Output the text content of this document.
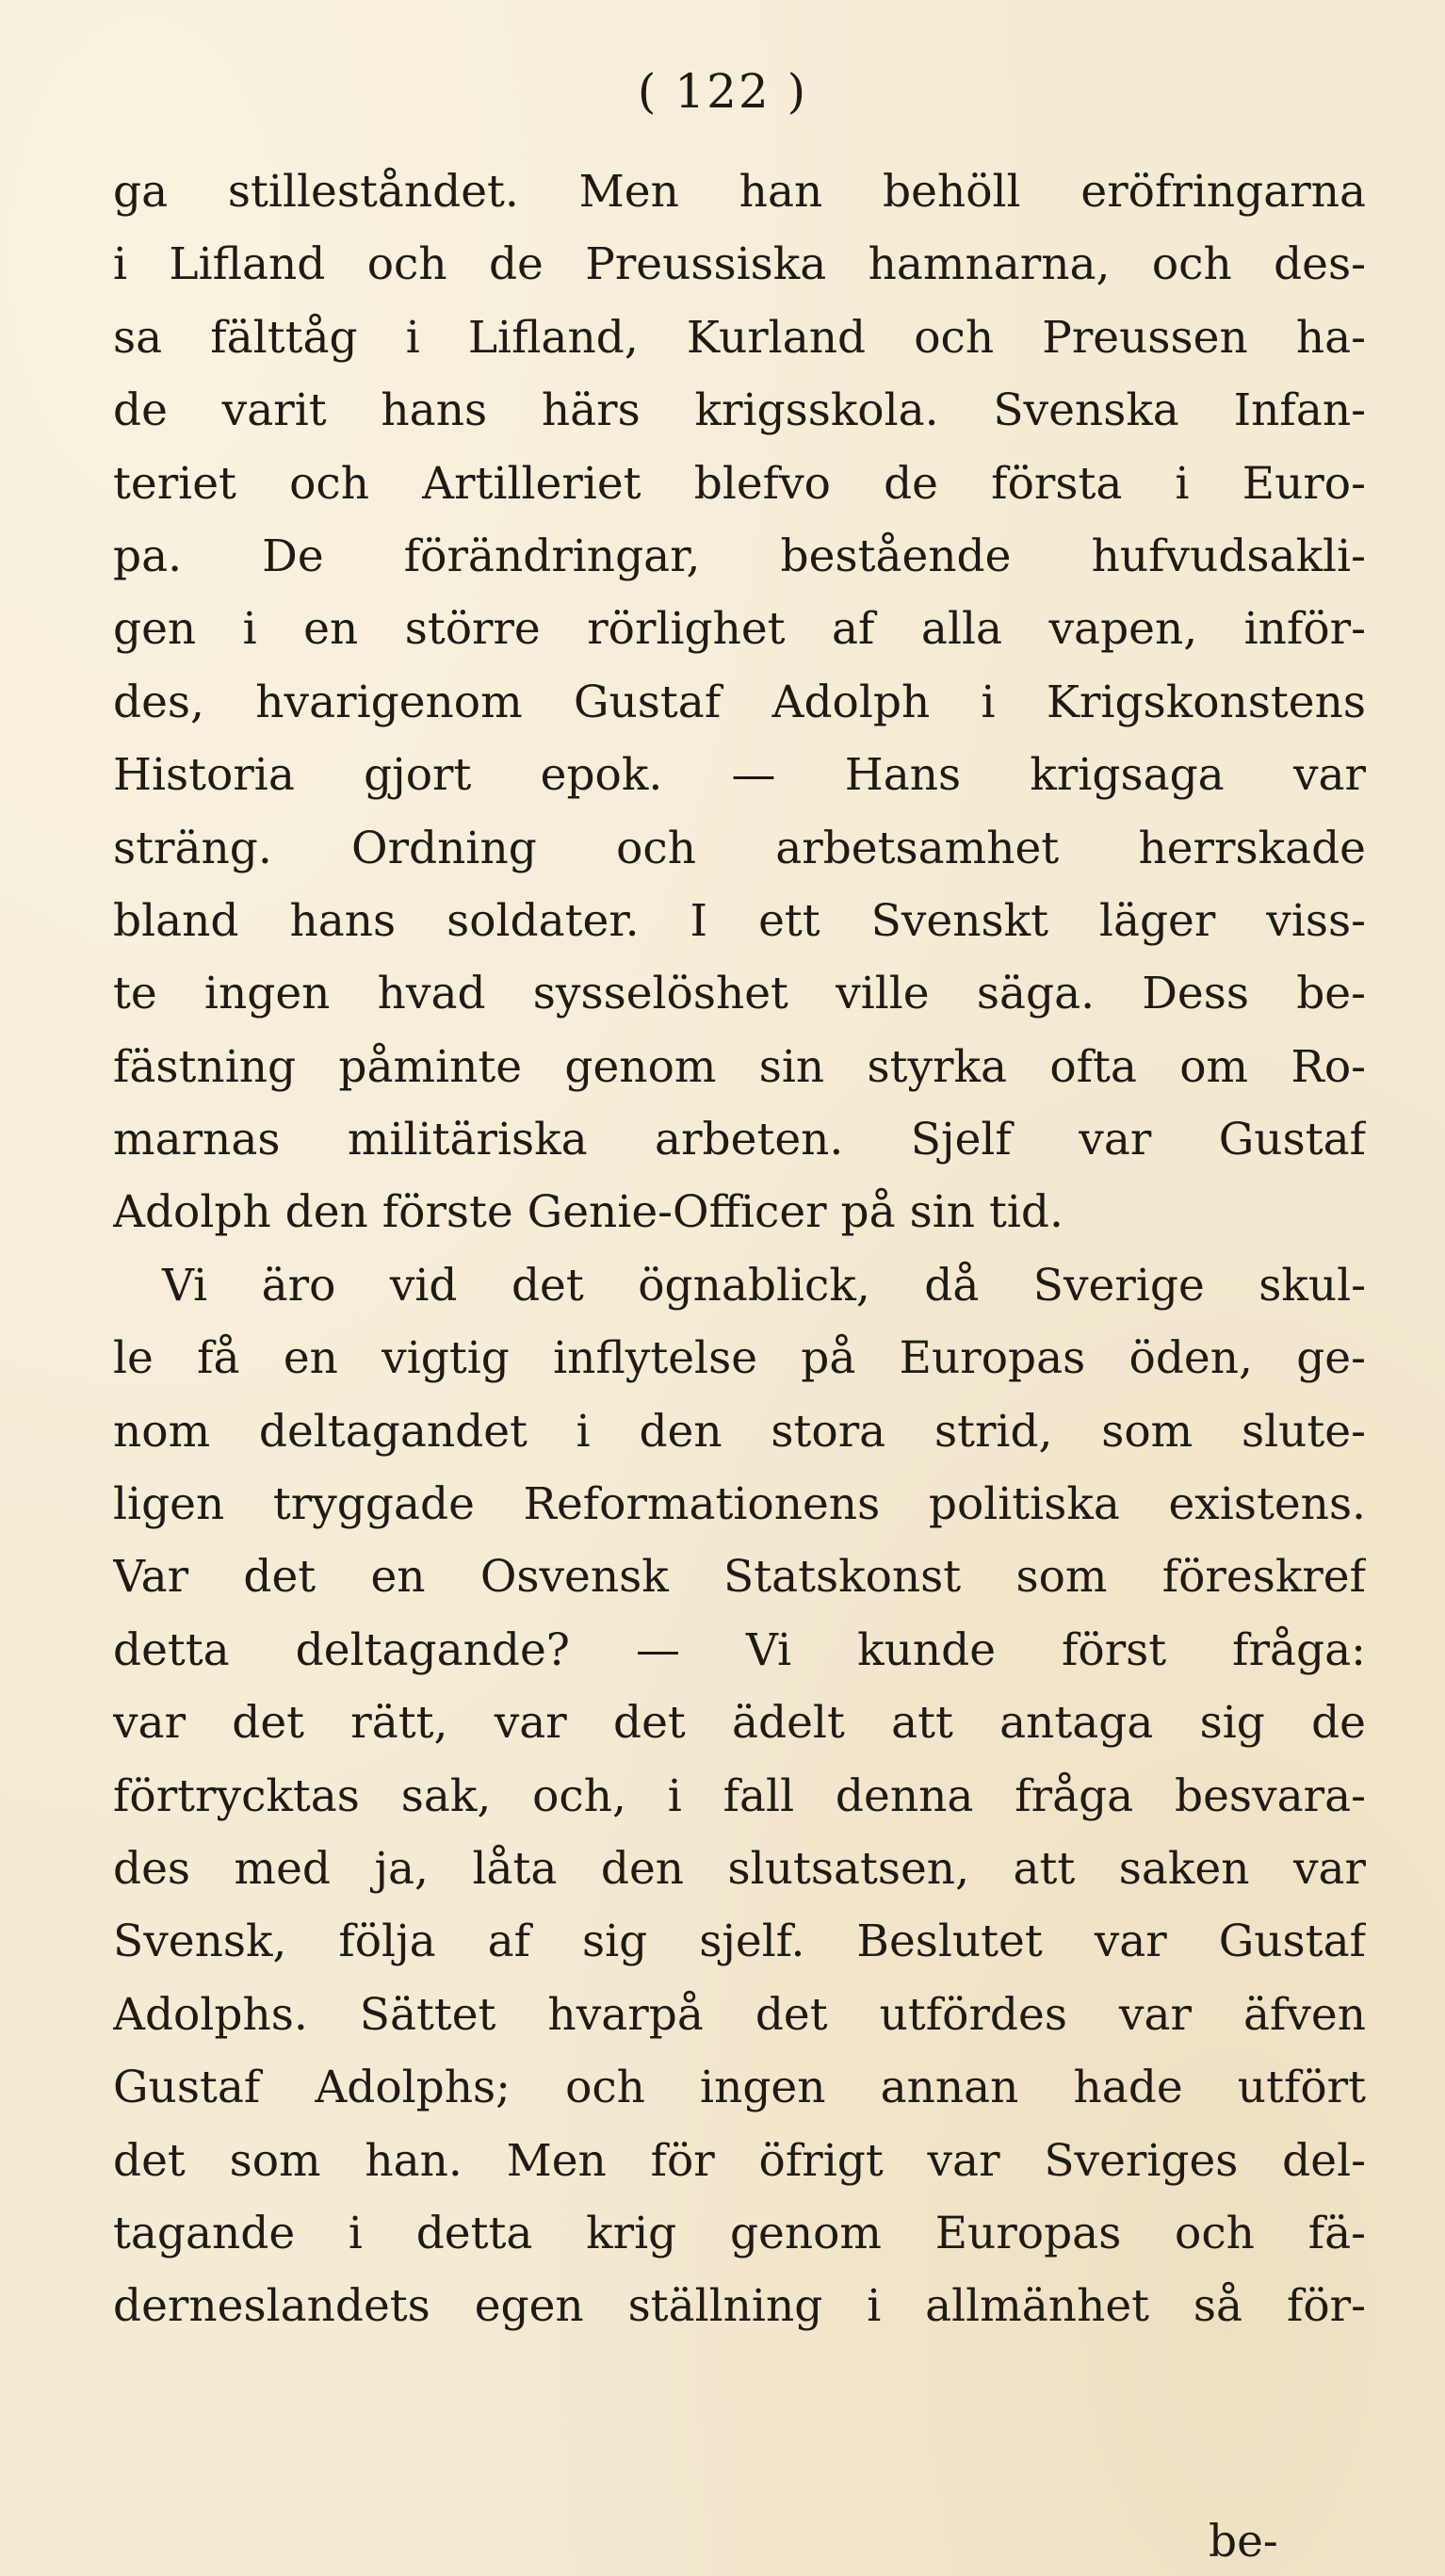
( 122 )
ga stilleståndet. Men han behöll eröfringarna
i Lifland och de Preussiska hamnarna, och des-
sa fälttåg i Lifland, Kurland och Preussen ha-
de varit hans härs krigsskola. Svenska Infan-
teriet och Artilleriet blefvo de första i Euro-
pa. De förändringar, bestående hufvudsakli-
gen i en större rörlighet af alla vapen, inför-
des, hvarigenom Gustaf Adolph i Krigskonstens
Historia gjort epok. — Hans krigsaga var
sträng. Ordning och arbetsamhet herrskade
bland hans soldater. I ett Svenskt läger viss-
te ingen hvad sysselöshet ville säga. Dess be-
fästning påminte genom sin styrka ofta om Ro-
marnas militäriska arbeten. Sjelf var Gustaf
Adolph den förste Genie-Officer på sin tid.
Vi äro vid det ögnablick, då Sverige skul-
le få en vigtig inflytelse på Europas öden, ge-
nom deltagandet i den stora strid, som slute-
ligen tryggade Reformationens politiska existens.
Var det en Osvensk Statskonst som föreskref
detta deltagande? — Vi kunde först fråga:
var det rätt, var det ädelt att antaga sig de
förtrycktas sak, och, i fall denna fråga besvara-
des med ja, låta den slutsatsen, att saken var
Svensk, följa af sig sjelf. Beslutet var Gustaf
Adolphs. Sättet hvarpå det utfördes var äfven
Gustaf Adolphs; och ingen annan hade utfört
det som han. Men för öfrigt var Sveriges del-
tagande i detta krig genom Europas och fä-
derneslandets egen ställning i allmänhet så för-
be-
